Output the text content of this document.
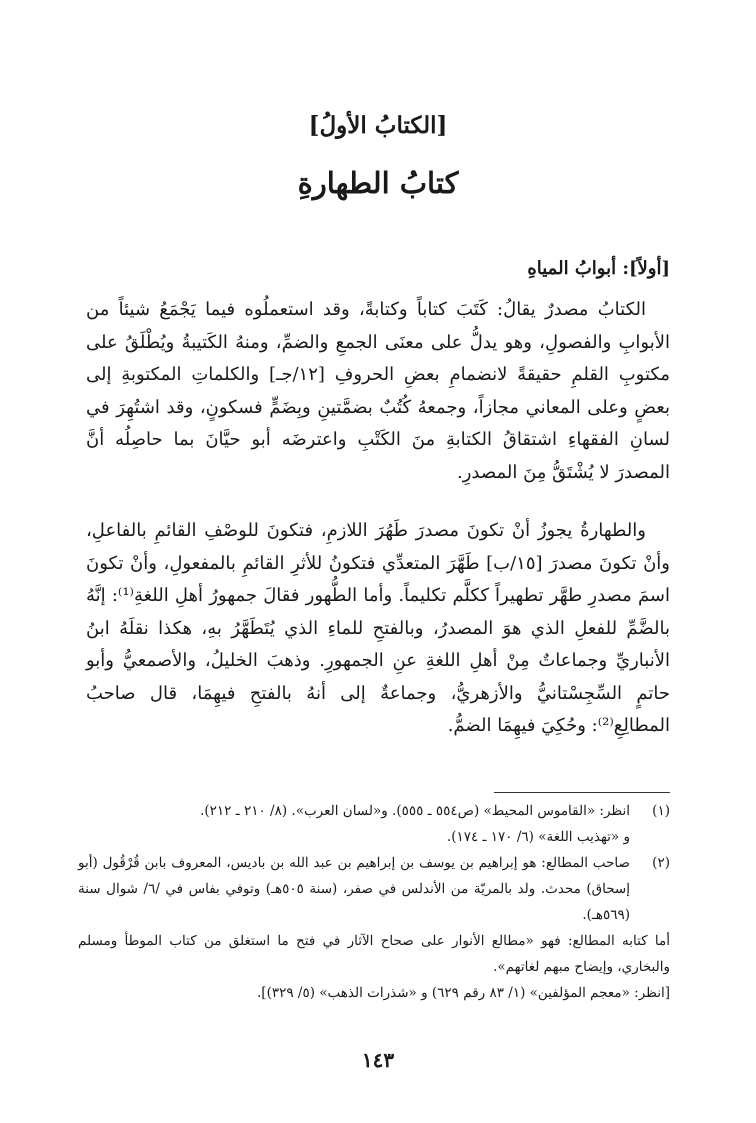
[الكتابُ الأولُ]
كتابُ الطهارةِ
[أولاً]: أبوابُ المياهِ

الكتابُ مصدرٌ يقالُ: كَتَبَ كتاباً وكتابةً، وقد استعملُوه فيما يَجْمَعُ شيئاً من الأبوابِ والفصولِ، وهو يدلُّ على معنَى الجمعِ والضمِّ، ومنهُ الكَتيبةُ ويُطْلَقُ على مكتوبِ القلمِ حقيقةً لانضمامِ بعضِ الحروفِ [١٢/جـ] والكلماتِ المكتوبةِ إلى بعضٍ وعلى المعاني مجازاً، وجمعهُ كُتُبٌ بضمَّتينِ وبِضَمٍّ فسكونٍ، وقد اشتُهِرَ في لسانِ الفقهاءِ اشتقاقُ الكتابةِ منَ الكَتْبِ واعترضَه أبو حيَّانَ بما حاصِلُه أنَّ المصدرَ لا يُشْتَقُّ مِنَ المصدرِ.

والطهارةُ يجوزُ أنْ تكونَ مصدرَ طَهُرَ اللازمِ، فتكونَ للوصْفِ القائمِ بالفاعلِ، وأنْ تكونَ مصدرَ [١٥/ب] طَهَّرَ المتعدِّي فتكونُ للأثرِ القائمِ بالمفعولِ، وأنْ تكونَ اسمَ مصدرِ طهَّر تطهيراً ككلَّم تكليماً. وأما الطُّهور فقالَ جمهورُ أهلِ اللغةِ⁽¹⁾: إنَّهُ بالضَّمِّ للفعلِ الذي هوَ المصدرُ، وبالفتحِ للماءِ الذي يُتَطَهَّرُ بهِ، هكذا نقلَهُ ابنُ الأنباريِّ وجماعاتٌ مِنْ أهلِ اللغةِ عنِ الجمهورِ. وذهبَ الخليلُ، والأصمعيُّ وأبو حاتمٍ السِّجِسْتانيُّ والأزهريُّ، وجماعةٌ إلى أنهُ بالفتحِ فيهِمَا، قال صاحبُ المطالِعِ⁽²⁾: وحُكِيَ فيهِمَا الضمُّ.

(١)
انظر: «القاموس المحيط» (ص٥٥٤ ـ ٥٥٥). و«لسان العرب». (٨/ ٢١٠ ـ ٢١٢).
و «تهذيب اللغة» (٦/ ١٧٠ ـ ١٧٤).
(٢)
صاحب المطالع: هو إبراهيم بن يوسف بن إبراهيم بن عبد الله بن باديس، المعروف بابن قُرْقُول (أبو إسحاق) محدث. ولد بالمريّة من الأندلس في صفر، (سنة ٥٠٥هـ) وتوفي بفاس في /٦/ شوال سنة (٥٦٩هـ).

أما كتابه المطالع: فهو «مطالع الأنوار على صحاح الآثار في فتح ما استغلق من كتاب الموطأ ومسلم والبخاري، وإيضاح مبهم لغاتهم».

[انظر: «معجم المؤلفين» (١/ ٨٣ رقم ٦٢٩) و «شذرات الذهب» (٥/ ٣٢٩)].

١٤٣
